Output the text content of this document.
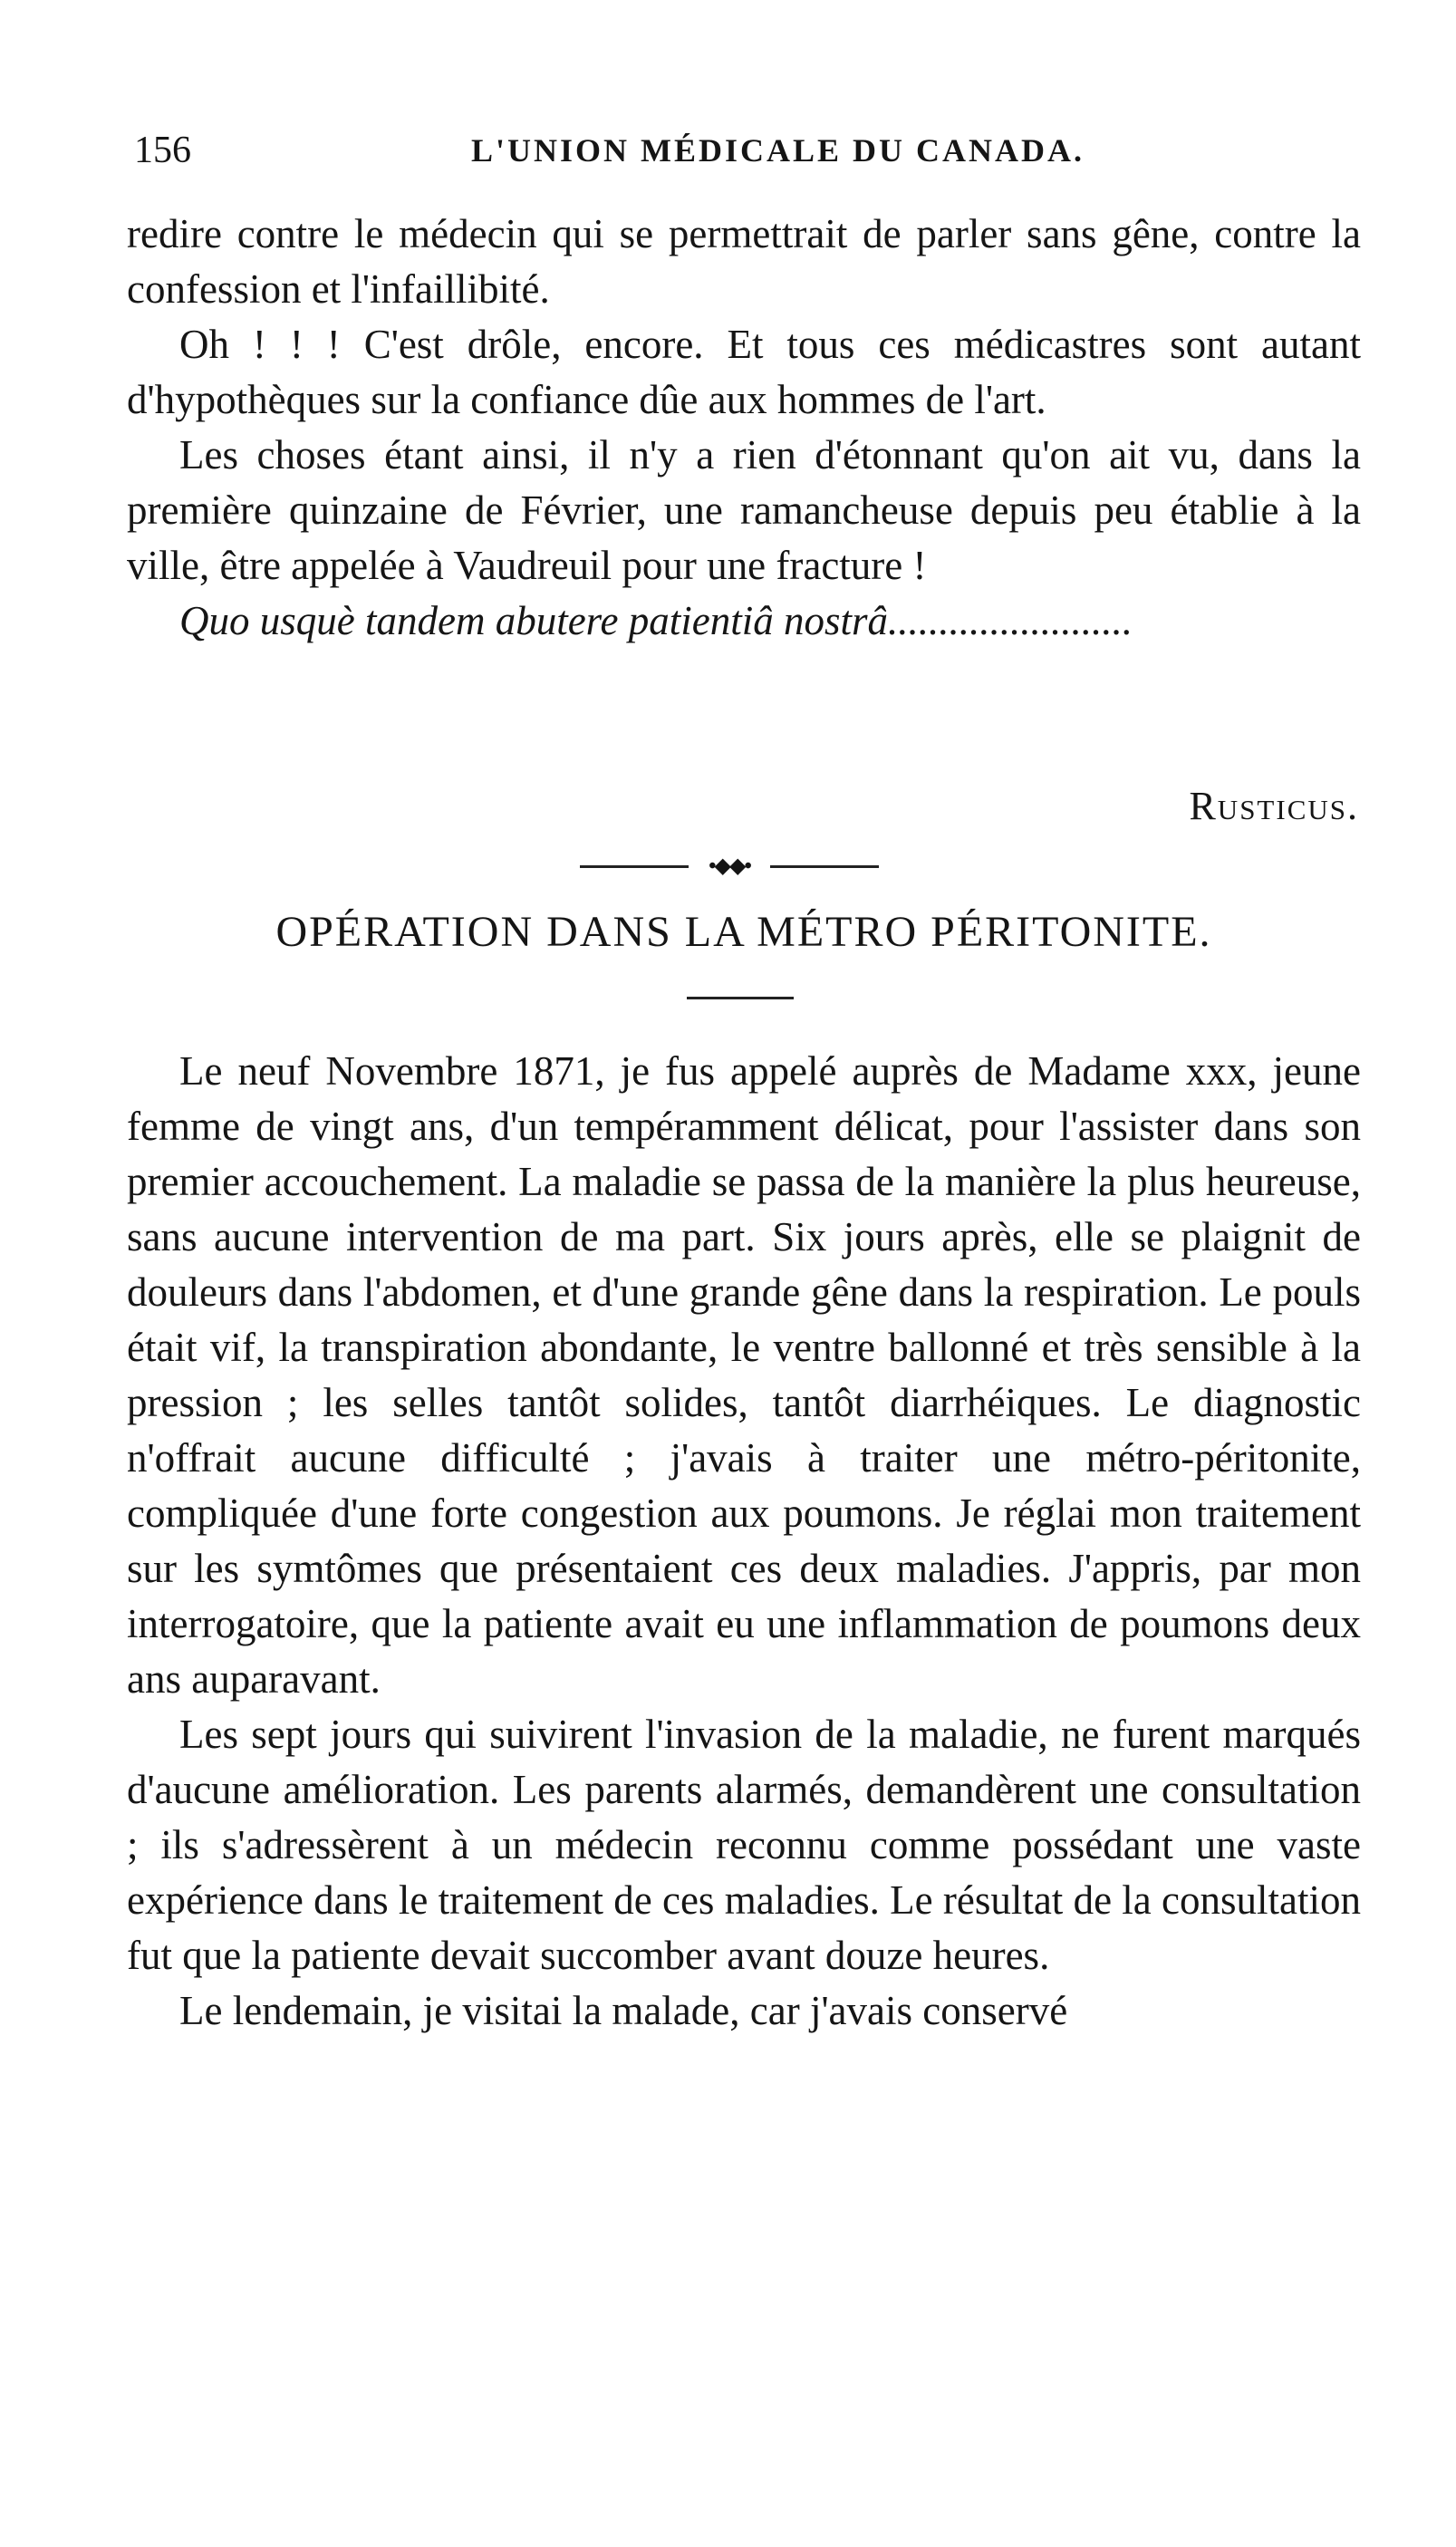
156	L'UNION MÉDICALE DU CANADA.

redire contre le médecin qui se permettrait de parler sans gêne, contre la confession et l'infaillibité.

Oh ! ! ! C'est drôle, encore. Et tous ces médicastres sont autant d'hypothèques sur la confiance dûe aux hommes de l'art.

Les choses étant ainsi, il n'y a rien d'étonnant qu'on ait vu, dans la première quinzaine de Février, une ramancheuse depuis peu établie à la ville, être appelée à Vaudreuil pour une fracture !

Quo usquè tandem abutere patientiâ nostrâ........................

Rusticus.
•◆◆•
OPÉRATION DANS LA MÉTRO PÉRITONITE.

Le neuf Novembre 1871, je fus appelé auprès de Madame xxx, jeune femme de vingt ans, d'un tempéramment délicat, pour l'assister dans son premier accouchement. La maladie se passa de la manière la plus heureuse, sans aucune intervention de ma part. Six jours après, elle se plaignit de douleurs dans l'abdomen, et d'une grande gêne dans la respiration. Le pouls était vif, la transpiration abondante, le ventre ballonné et très sensible à la pression ; les selles tantôt solides, tantôt diarrhéiques. Le diagnostic n'offrait aucune difficulté ; j'avais à traiter une métro-péritonite, compliquée d'une forte congestion aux poumons. Je réglai mon traitement sur les symtômes que présentaient ces deux maladies. J'appris, par mon interrogatoire, que la patiente avait eu une inflammation de poumons deux ans auparavant.

Les sept jours qui suivirent l'invasion de la maladie, ne furent marqués d'aucune amélioration. Les parents alarmés, demandèrent une consultation ; ils s'adressèrent à un médecin reconnu comme possédant une vaste expérience dans le traitement de ces maladies. Le résultat de la consultation fut que la patiente devait succomber avant douze heures.

Le lendemain, je visitai la malade, car j'avais conservé
